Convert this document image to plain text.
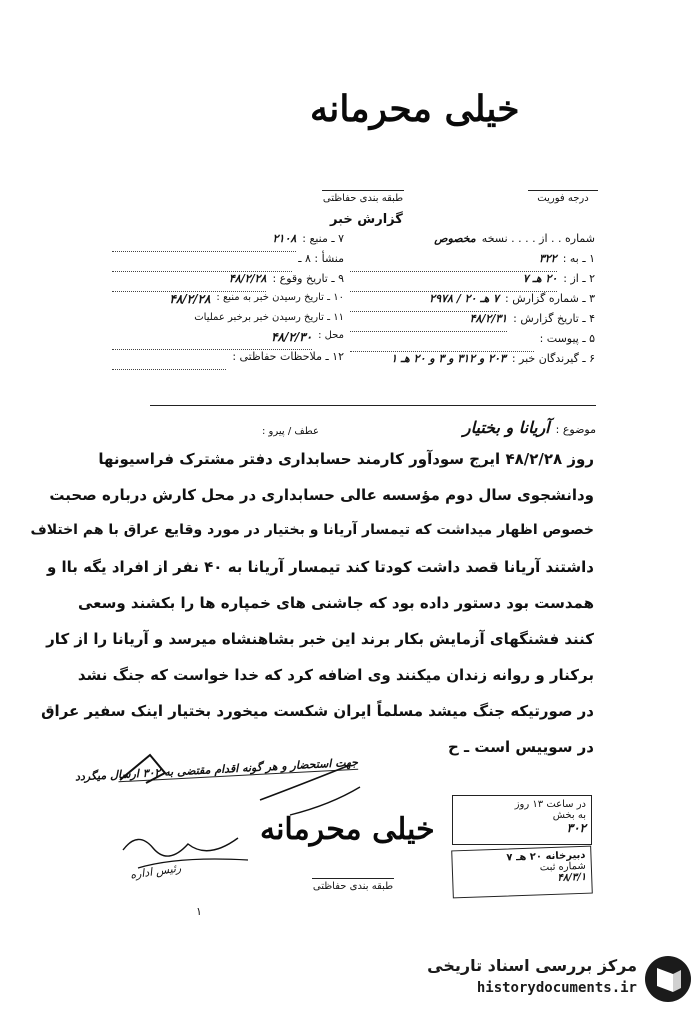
خیلی محرمانه
طبقه بندی حفاظتی	درجه فوریت
گزارش خبر
شماره . . از . . . . نسخه
مخصوص
۱ ـ به :
۳۲۲
۲ ـ از :
۲۰ هـ ۷
۳ ـ شماره گزارش :
۷ هـ ۲۰ / ۲۹۷۸
۴ ـ تاریخ گزارش :
۴۸/۲/۳۱
۵ ـ پیوست :
۶ ـ گیرندگان خبر :
۲۰۳ و ۳۱۲ و ۳ و ۲۰ هـ ۱
۷ ـ منبع :
۲۱۰۸
منشأ : ۸ ـ
۹ ـ تاریخ وقوع :
۴۸/۲/۲۸
۱۰ ـ تاریخ رسیدن خبر به منبع :
۴۸/۲/۲۸
۱۱ ـ تاریخ رسیدن خبر برخبر عملیات
محل :
۴۸/۲/۳۰
۱۲ ـ ملاحظات حفاظتی :
موضوع :
آریانا و بختیار
عطف / پیرو :
روز ۴۸/۲/۲۸ ایرج سودآور کارمند حسابداری دفتر مشترک فراسیونها
ودانشجوی سال دوم مؤسسه عالی حسابداری در محل کارش درباره صحبت
خصوص اظهار میداشت که تیمسار آریانا و بختیار در مورد وقایع عراق با هم اختلاف
داشتند آریانا قصد داشت کودتا کند تیمسار آریانا به ۴۰ نفر از افراد یگه باا و
همدست بود دستور داده بود که جاشنی های خمپاره ها را بکشند وسعی
کنند فشنگهای آزمایش بکار برند این خبر بشاهنشاه میرسد و آریانا را از کار
برکنار و روانه زندان میکنند وی اضافه کرد که خدا خواست که جنگ نشد
در صورتیکه جنگ میشد مسلماً ایران شکست میخورد بختیار اینک سفیر عراق
در سوییس است ـ ح
جهت استحضار و هر گونه اقدام مقتضی به ۳۰۲ ارسال میگردد
در ساعت ۱۳ روز
به بخش
۳۰۲
دبیرخانه ۲۰ هـ ۷
شماره ثبت
۴۸/۳/۱
خیلی محرمانه
رئیس اداره
طبقه بندی حفاظتی
۱
مرکز بررسی اسناد تاریخی
historydocuments.ir
